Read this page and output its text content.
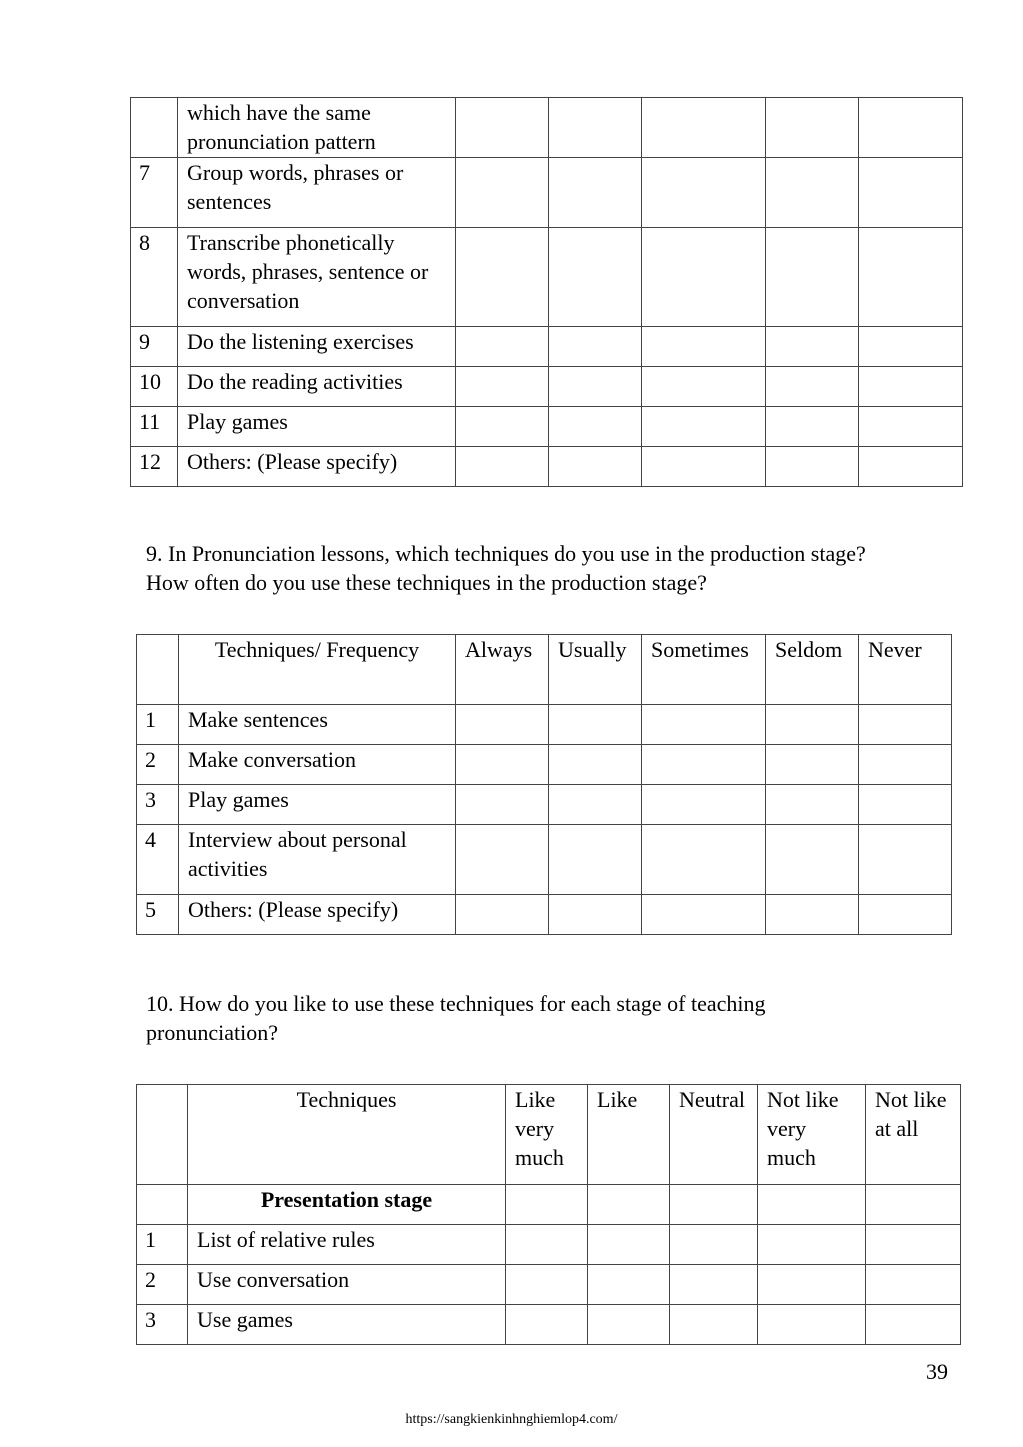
	which have the same pronunciation pattern					
7	Group words, phrases or sentences					
8	Transcribe phonetically words, phrases, sentence or conversation					
9	Do the listening exercises					
10	Do the reading activities					
11	Play games					
12	Others: (Please specify)					

9. In Pronunciation lessons, which techniques do you use in the production stage?
How often do you use these techniques in the production stage?

	Techniques/ Frequency	Always	Usually	Sometimes	Seldom	Never
1	Make sentences					
2	Make conversation					
3	Play games					
4	Interview about personal activities					
5	Others: (Please specify)					

10. How do you like to use these techniques for each stage of teaching
pronunciation?

	Techniques	Like very much	Like	Neutral	Not like very much	Not like at all
	Presentation stage					
1	List of relative rules					
2	Use conversation					
3	Use games					
39
https://sangkienkinhnghiemlop4.com/
